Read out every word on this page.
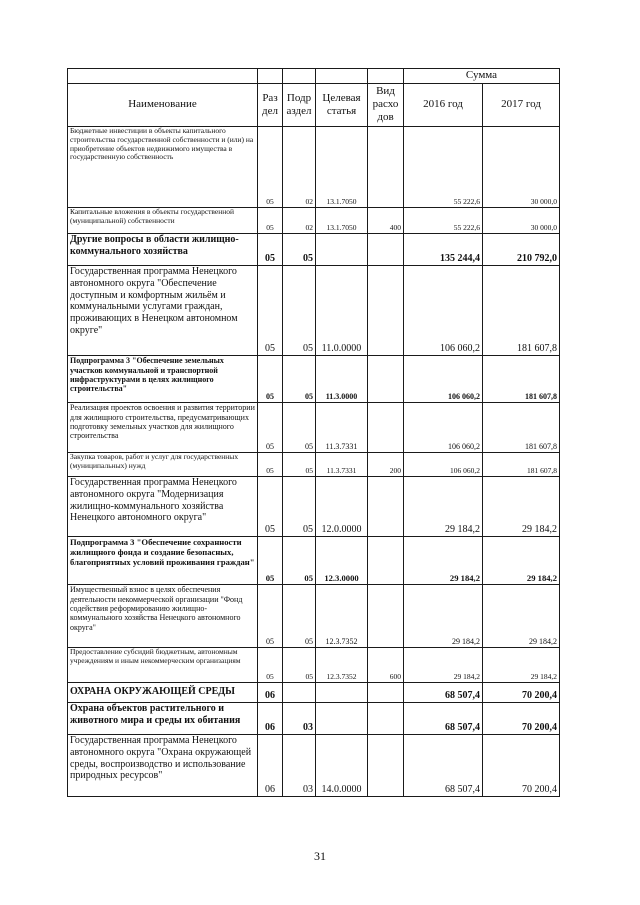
					Сумма	
Наименование	Раз дел	Подр аздел	Целевая статья	Вид расхо дов	2016 год	2017 год
Бюджетные инвестиции в объекты капитального строительства государственной собственности и (или) на приобретение объектов недвижимого имущества в государственную собственность	05	02	13.1.7050		55 222,6	30 000,0
Капитальные вложения в объекты государственной (муниципальной) собственности	05	02	13.1.7050	400	55 222,6	30 000,0
Другие вопросы в области жилищно-коммунального хозяйства	05	05			135 244,4	210 792,0
Государственная программа Ненецкого автономного округа "Обеспечение доступным и комфортным жильём и коммунальными услугами граждан, проживающих в Ненецком автономном округе"	05	05	11.0.0000		106 060,2	181 607,8
Подпрограмма 3 "Обеспечение земельных участков коммунальной и транспортной инфраструктурами в целях жилищного строительства"	05	05	11.3.0000		106 060,2	181 607,8
Реализация проектов освоения и развития территории для жилищного строительства, предусматривающих подготовку земельных участков для жилищного строительства	05	05	11.3.7331		106 060,2	181 607,8
Закупка товаров, работ и услуг для государственных (муниципальных) нужд	05	05	11.3.7331	200	106 060,2	181 607,8
Государственная программа Ненецкого автономного округа "Модернизация жилищно-коммунального хозяйства Ненецкого автономного округа"	05	05	12.0.0000		29 184,2	29 184,2
Подпрограмма 3 "Обеспечение сохранности жилищного фонда и создание безопасных, благоприятных условий проживания граждан"	05	05	12.3.0000		29 184,2	29 184,2
Имущественный взнос в целях обеспечения деятельности некоммерческой организации "Фонд содействия реформированию жилищно-коммунального хозяйства Ненецкого автономного округа"	05	05	12.3.7352		29 184,2	29 184,2
Предоставление субсидий бюджетным, автономным учреждениям и иным некоммерческим организациям	05	05	12.3.7352	600	29 184,2	29 184,2
ОХРАНА ОКРУЖАЮЩЕЙ СРЕДЫ	06				68 507,4	70 200,4
Охрана объектов растительного и животного мира и среды их обитания	06	03			68 507,4	70 200,4
Государственная программа Ненецкого автономного округа "Охрана окружающей среды, воспроизводство и использование природных ресурсов"	06	03	14.0.0000		68 507,4	70 200,4
31
